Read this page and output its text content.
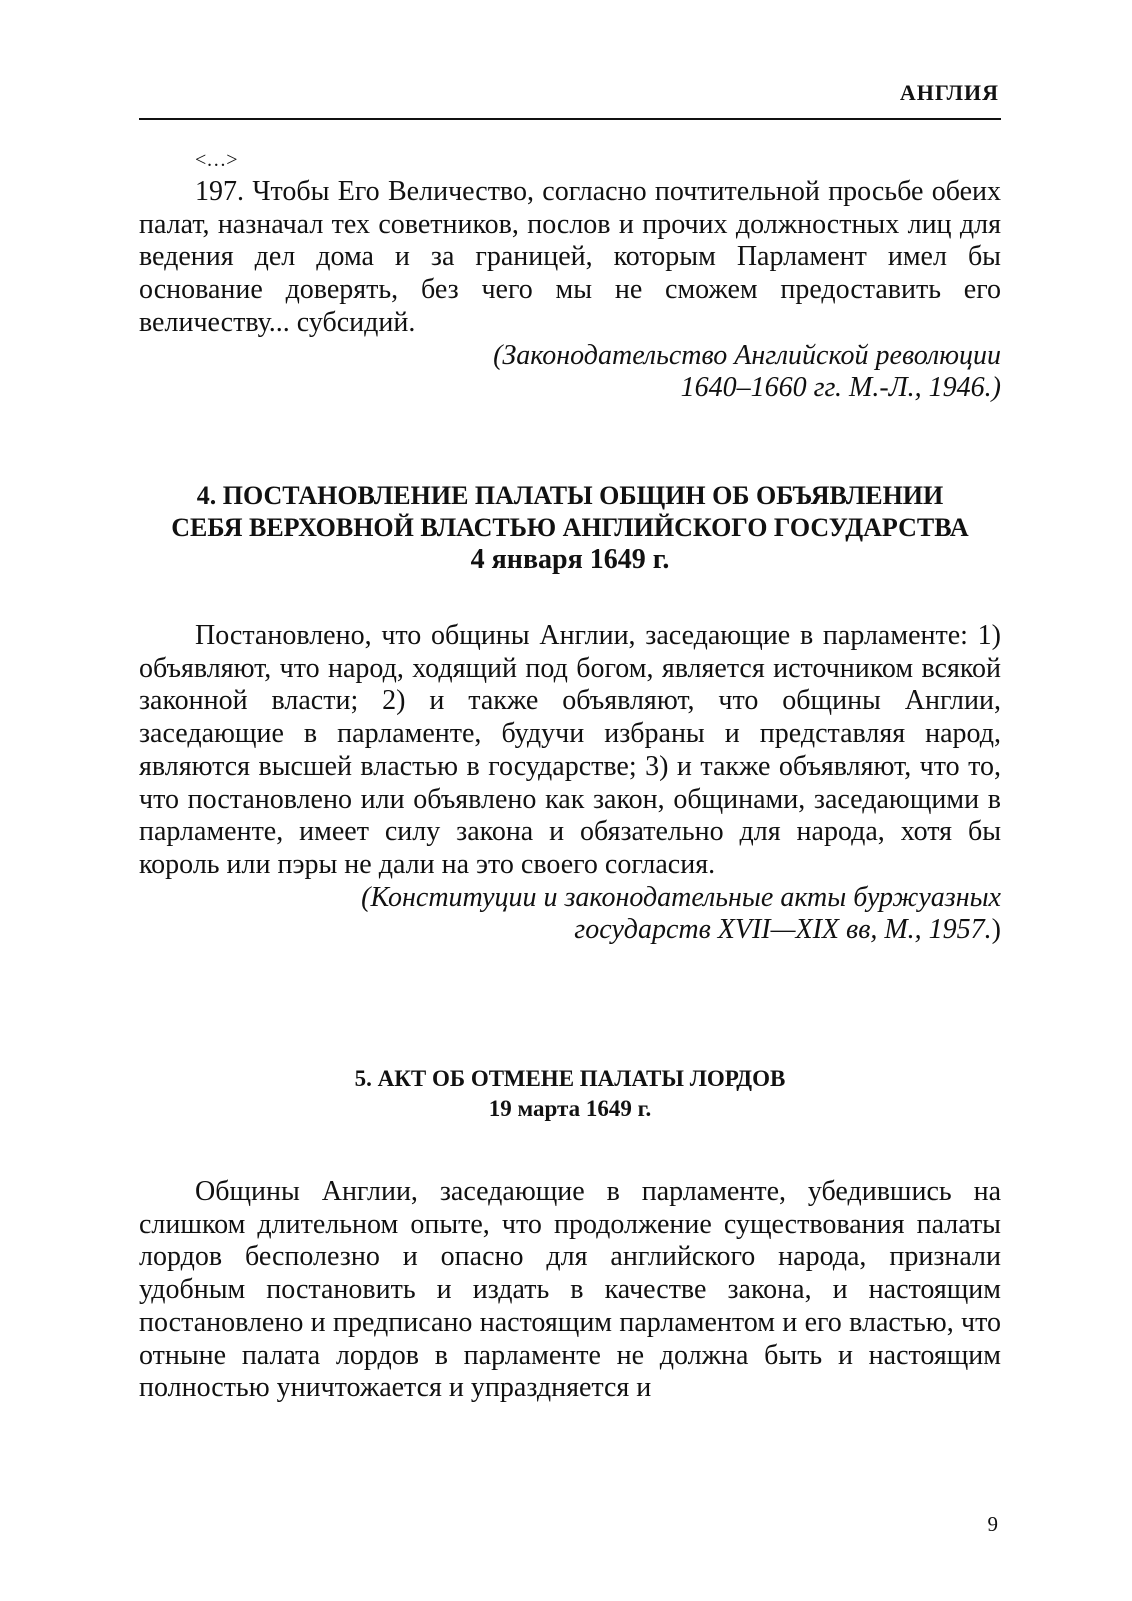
АНГЛИЯ
<…>

197. Чтобы Его Величество, согласно почтительной просьбе обеих палат, назначал тех советников, послов и прочих должностных лиц для ведения дел дома и за границей, которым Парламент имел бы основание доверять, без чего мы не сможем предоставить его величеству... субсидий.

(Законодательство Английской революции
1640–1660 гг. М.-Л., 1946.)

4. ПОСТАНОВЛЕНИЕ ПАЛАТЫ ОБЩИН ОБ ОБЪЯВЛЕНИИ
СЕБЯ ВЕРХОВНОЙ ВЛАСТЬЮ АНГЛИЙСКОГО ГОСУДАРСТВА
4 января 1649 г.

Постановлено, что общины Англии, заседающие в парламенте: 1) объявляют, что народ, ходящий под богом, является источником всякой законной власти; 2) и также объявляют, что общины Англии, заседающие в парламенте, будучи избраны и представляя народ, являются высшей властью в государстве; 3) и также объявляют, что то, что постановлено или объявлено как закон, общинами, заседающими в парламенте, имеет силу закона и обязательно для народа, хотя бы король или пэры не дали на это своего согласия.

(Конституции и законодательные акты буржуазных
государств XVII—XIX вв, М., 1957.)

5. АКТ ОБ ОТМЕНЕ ПАЛАТЫ ЛОРДОВ
19 марта 1649 г.

Общины Англии, заседающие в парламенте, убедившись на слишком длительном опыте, что продолжение существования палаты лордов бесполезно и опасно для английского народа, признали удобным постановить и издать в качестве закона, и настоящим постановлено и предписано настоящим парламентом и его властью, что отныне палата лордов в парламенте не должна быть и настоящим полностью уничтожается и упраздняется и

9
